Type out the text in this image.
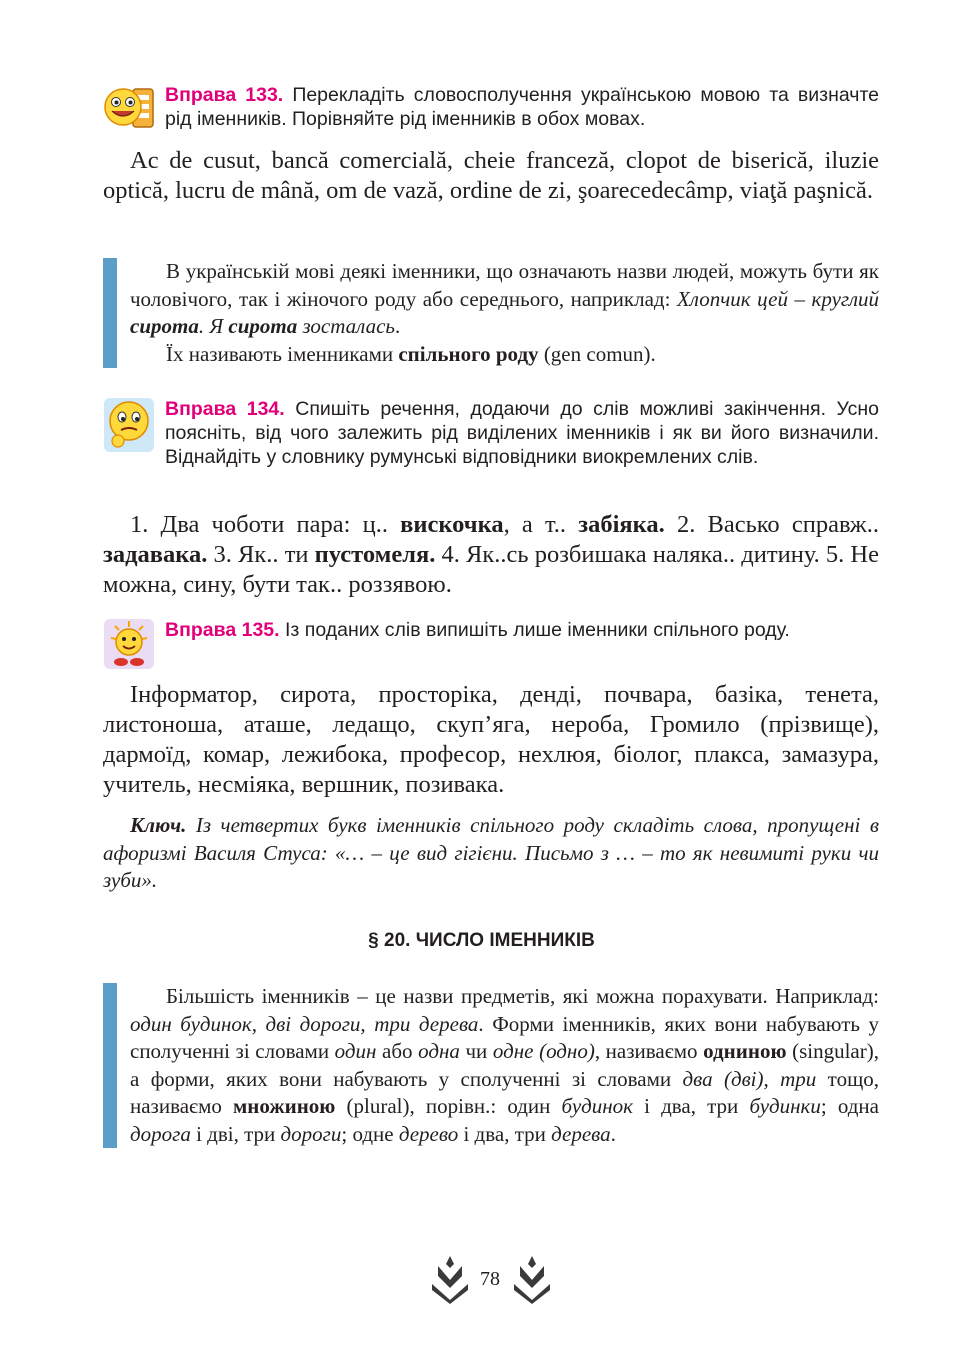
Вправа 133. Перекладіть словосполучення українською мовою та визначте рід іменників. Порівняйте рід іменників в обох мовах.

Ac de cusut, bancă comercială, cheie franceză, clopot de biserică, iluzie optică, lucru de mână, om de vază, ordine de zi, şoarecedecâmp, viaţă paşnică.

В українській мові деякі іменники, що означають назви людей, можуть бути як чоловічого, так і жіночого роду або середнього, наприклад: Хлопчик цей – круглий сирота. Я сирота зосталась.

Їх називають іменниками спільного роду (gen comun).

Вправа 134. Спишіть речення, додаючи до слів можливі закінчення. Усно поясніть, від чого залежить рід виділених іменників і як ви його визначили. Віднайдіть у словнику румунські відповідники виокремлених слів.

1. Два чоботи пара: ц.. вискочка, а т.. забіяка. 2. Васько справж.. задавака. 3. Як.. ти пустомеля. 4. Як..сь розбишака наляка.. дитину. 5. Не можна, сину, бути так.. роззявою.

Вправа 135. Із поданих слів випишіть лише іменники спільного роду.

Інформатор, сирота, просторіка, денді, почвара, базіка, тенета, листоноша, аташе, ледащо, скуп’яга, нероба, Громило (прізвище), дармоїд, комар, лежибока, професор, нехлюя, біолог, плакса, замазура, учитель, несміяка, вершник, позивака.

Ключ. Із четвертих букв іменників спільного роду складіть слова, пропущені в афоризмі Василя Стуса: «… – це вид гігієни. Письмо з … – то як невимиті руки чи зуби».

§ 20. ЧИСЛО ІМЕННИКІВ

Більшість іменників – це назви предметів, які можна порахувати. Наприклад: один будинок, дві дороги, три дерева. Форми іменників, яких вони набувають у сполученні зі словами один або одна чи одне (одно), називаємо одниною (singular), а форми, яких вони набувають у сполученні зі словами два (дві), три тощо, називаємо множиною (plural), порівн.: один будинок і два, три будинки; одна дорога і дві, три дороги; одне дерево і два, три дерева.

78
